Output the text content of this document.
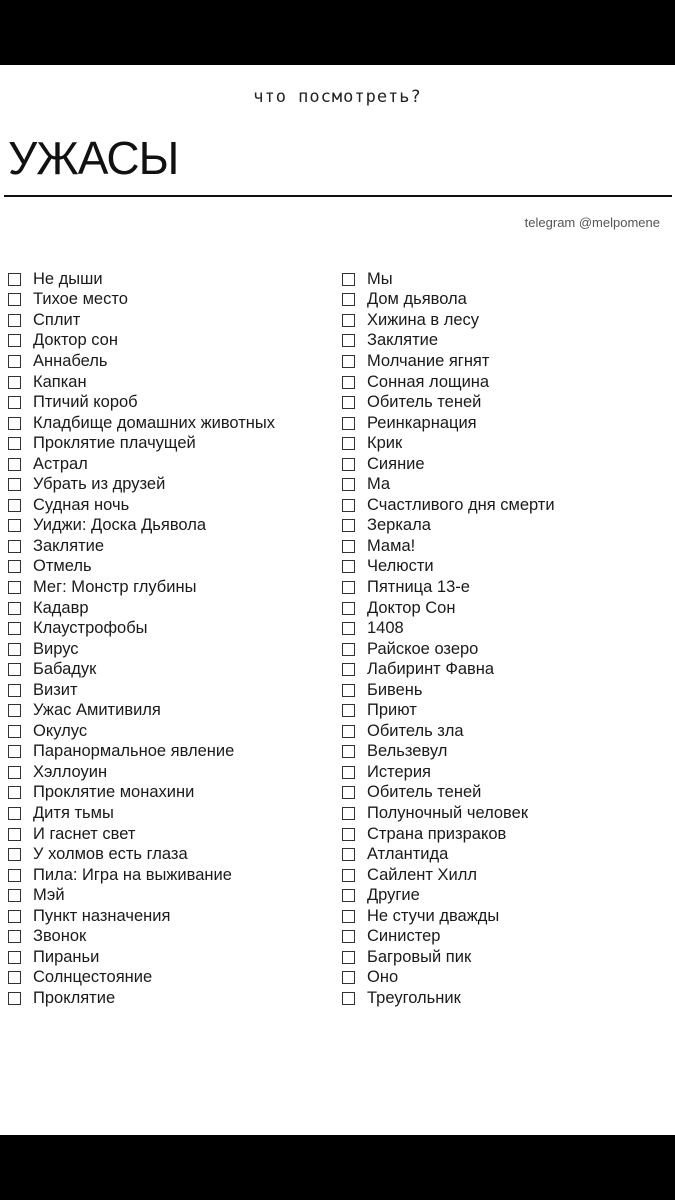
что посмотреть?
УЖАСЫ
telegram @melpomene
Не дыши
Тихое место
Сплит
Доктор сон
Аннабель
Капкан
Птичий короб
Кладбище домашних животных
Проклятие плачущей
Астрал
Убрать из друзей
Судная ночь
Уиджи: Доска Дьявола
Заклятие
Отмель
Мег: Монстр глубины
Кадавр
Клаустрофобы
Вирус
Бабадук
Визит
Ужас Амитивиля
Окулус
Паранормальное явление
Хэллоуин
Проклятие монахини
Дитя тьмы
И гаснет свет
У холмов есть глаза
Пила: Игра на выживание
Мэй
Пункт назначения
Звонок
Пираньи
Солнцестояние
Проклятие
Мы
Дом дьявола
Хижина в лесу
Заклятие
Молчание ягнят
Сонная лощина
Обитель теней
Реинкарнация
Крик
Сияние
Ма
Счастливого дня смерти
Зеркала
Мама!
Челюсти
Пятница 13-е
Доктор Сон
1408
Райское озеро
Лабиринт Фавна
Бивень
Приют
Обитель зла
Вельзевул
Истерия
Обитель теней
Полуночный человек
Страна призраков
Атлантида
Сайлент Хилл
Другие
Не стучи дважды
Синистер
Багровый пик
Оно
Треугольник
